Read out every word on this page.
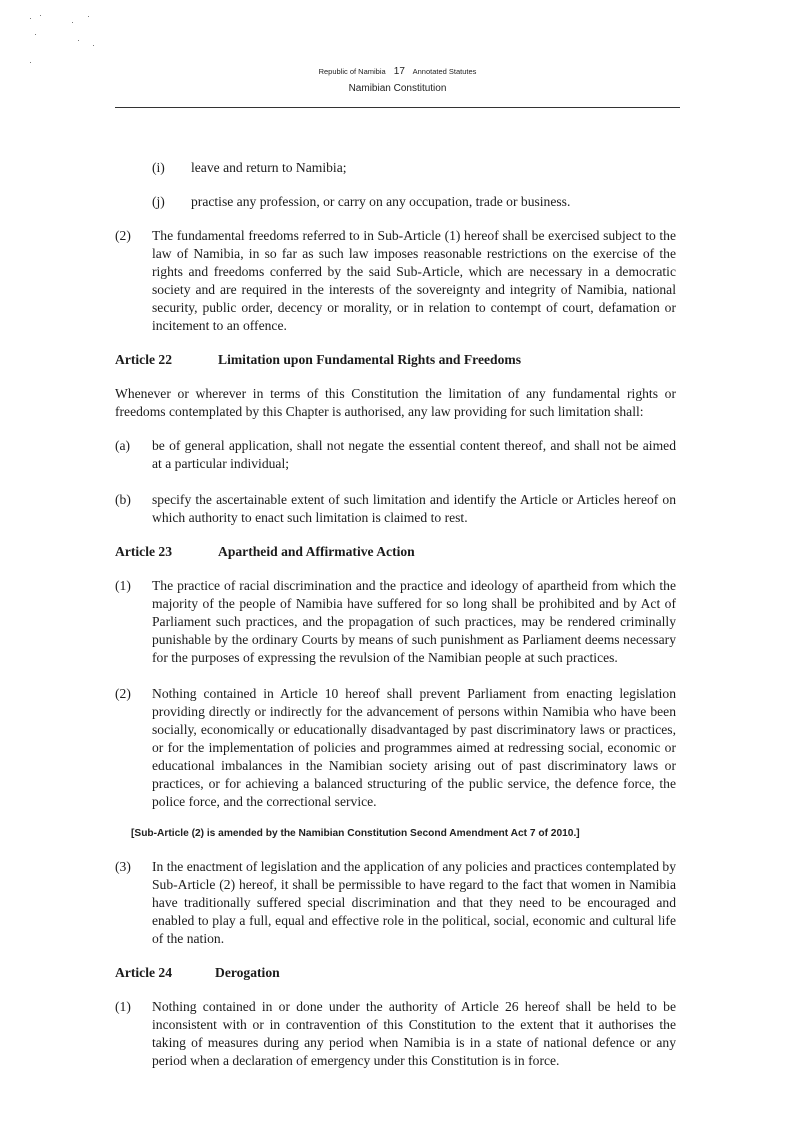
Republic of Namibia 17 Annotated Statutes
Namibian Constitution
(i)	leave and return to Namibia;
(j)	practise any profession, or carry on any occupation, trade or business.
(2)	The fundamental freedoms referred to in Sub-Article (1) hereof shall be exercised subject to the law of Namibia, in so far as such law imposes reasonable restrictions on the exercise of the rights and freedoms conferred by the said Sub-Article, which are necessary in a democratic society and are required in the interests of the sovereignty and integrity of Namibia, national security, public order, decency or morality, or in relation to contempt of court, defamation or incitement to an offence.
Article 22	Limitation upon Fundamental Rights and Freedoms
Whenever or wherever in terms of this Constitution the limitation of any fundamental rights or freedoms contemplated by this Chapter is authorised, any law providing for such limitation shall:
(a)	be of general application, shall not negate the essential content thereof, and shall not be aimed at a particular individual;
(b)	specify the ascertainable extent of such limitation and identify the Article or Articles hereof on which authority to enact such limitation is claimed to rest.
Article 23	Apartheid and Affirmative Action
(1)	The practice of racial discrimination and the practice and ideology of apartheid from which the majority of the people of Namibia have suffered for so long shall be prohibited and by Act of Parliament such practices, and the propagation of such practices, may be rendered criminally punishable by the ordinary Courts by means of such punishment as Parliament deems necessary for the purposes of expressing the revulsion of the Namibian people at such practices.
(2)	Nothing contained in Article 10 hereof shall prevent Parliament from enacting legislation providing directly or indirectly for the advancement of persons within Namibia who have been socially, economically or educationally disadvantaged by past discriminatory laws or practices, or for the implementation of policies and programmes aimed at redressing social, economic or educational imbalances in the Namibian society arising out of past discriminatory laws or practices, or for achieving a balanced structuring of the public service, the defence force, the police force, and the correctional service.
[Sub-Article (2) is amended by the Namibian Constitution Second Amendment Act 7 of 2010.]
(3)	In the enactment of legislation and the application of any policies and practices contemplated by Sub-Article (2) hereof, it shall be permissible to have regard to the fact that women in Namibia have traditionally suffered special discrimination and that they need to be encouraged and enabled to play a full, equal and effective role in the political, social, economic and cultural life of the nation.
Article 24	Derogation
(1)	Nothing contained in or done under the authority of Article 26 hereof shall be held to be inconsistent with or in contravention of this Constitution to the extent that it authorises the taking of measures during any period when Namibia is in a state of national defence or any period when a declaration of emergency under this Constitution is in force.
